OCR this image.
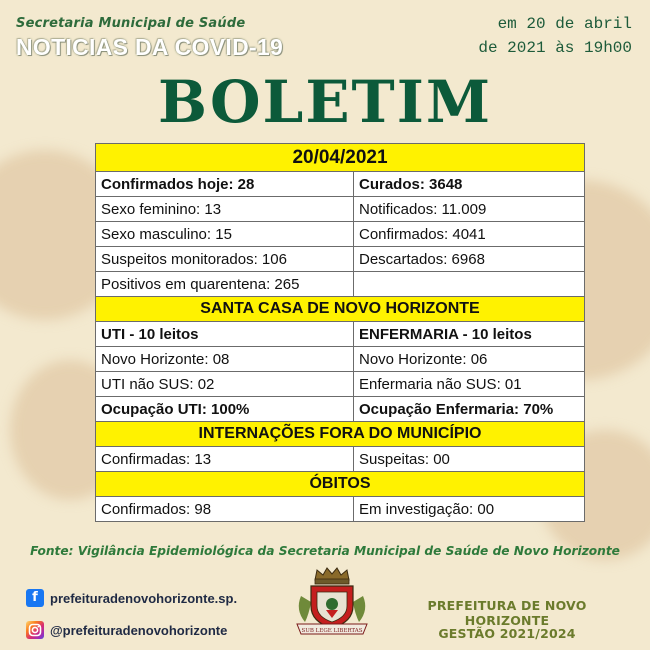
Secretaria Municipal de Saúde
NOTICIAS DA COVID-19
em 20 de abril
de 2021 às 19h00
BOLETIM
20/04/2021	
Confirmados hoje: 28	Curados: 3648
Sexo feminino: 13	Notificados: 11.009
Sexo masculino: 15	Confirmados: 4041
Suspeitos monitorados: 106	Descartados: 6968
Positivos em quarentena: 265	
SANTA CASA DE NOVO HORIZONTE	
UTI - 10 leitos	ENFERMARIA - 10 leitos
Novo Horizonte: 08	Novo Horizonte: 06
UTI não SUS: 02	Enfermaria não SUS: 01
Ocupação UTI: 100%	Ocupação Enfermaria: 70%
INTERNAÇÕES FORA DO MUNICÍPIO	
Confirmadas: 13	Suspeitas: 00
ÓBITOS	
Confirmados: 98	Em investigação: 00
Fonte: Vigilância Epidemiológica da Secretaria Municipal de Saúde de Novo Horizonte
f prefeituradenovohorizonte.sp.
@prefeituradenovohorizonte	SUB LEGE LIBERTAS
PREFEITURA DE NOVO HORIZONTE
GESTÃO 2021/2024
